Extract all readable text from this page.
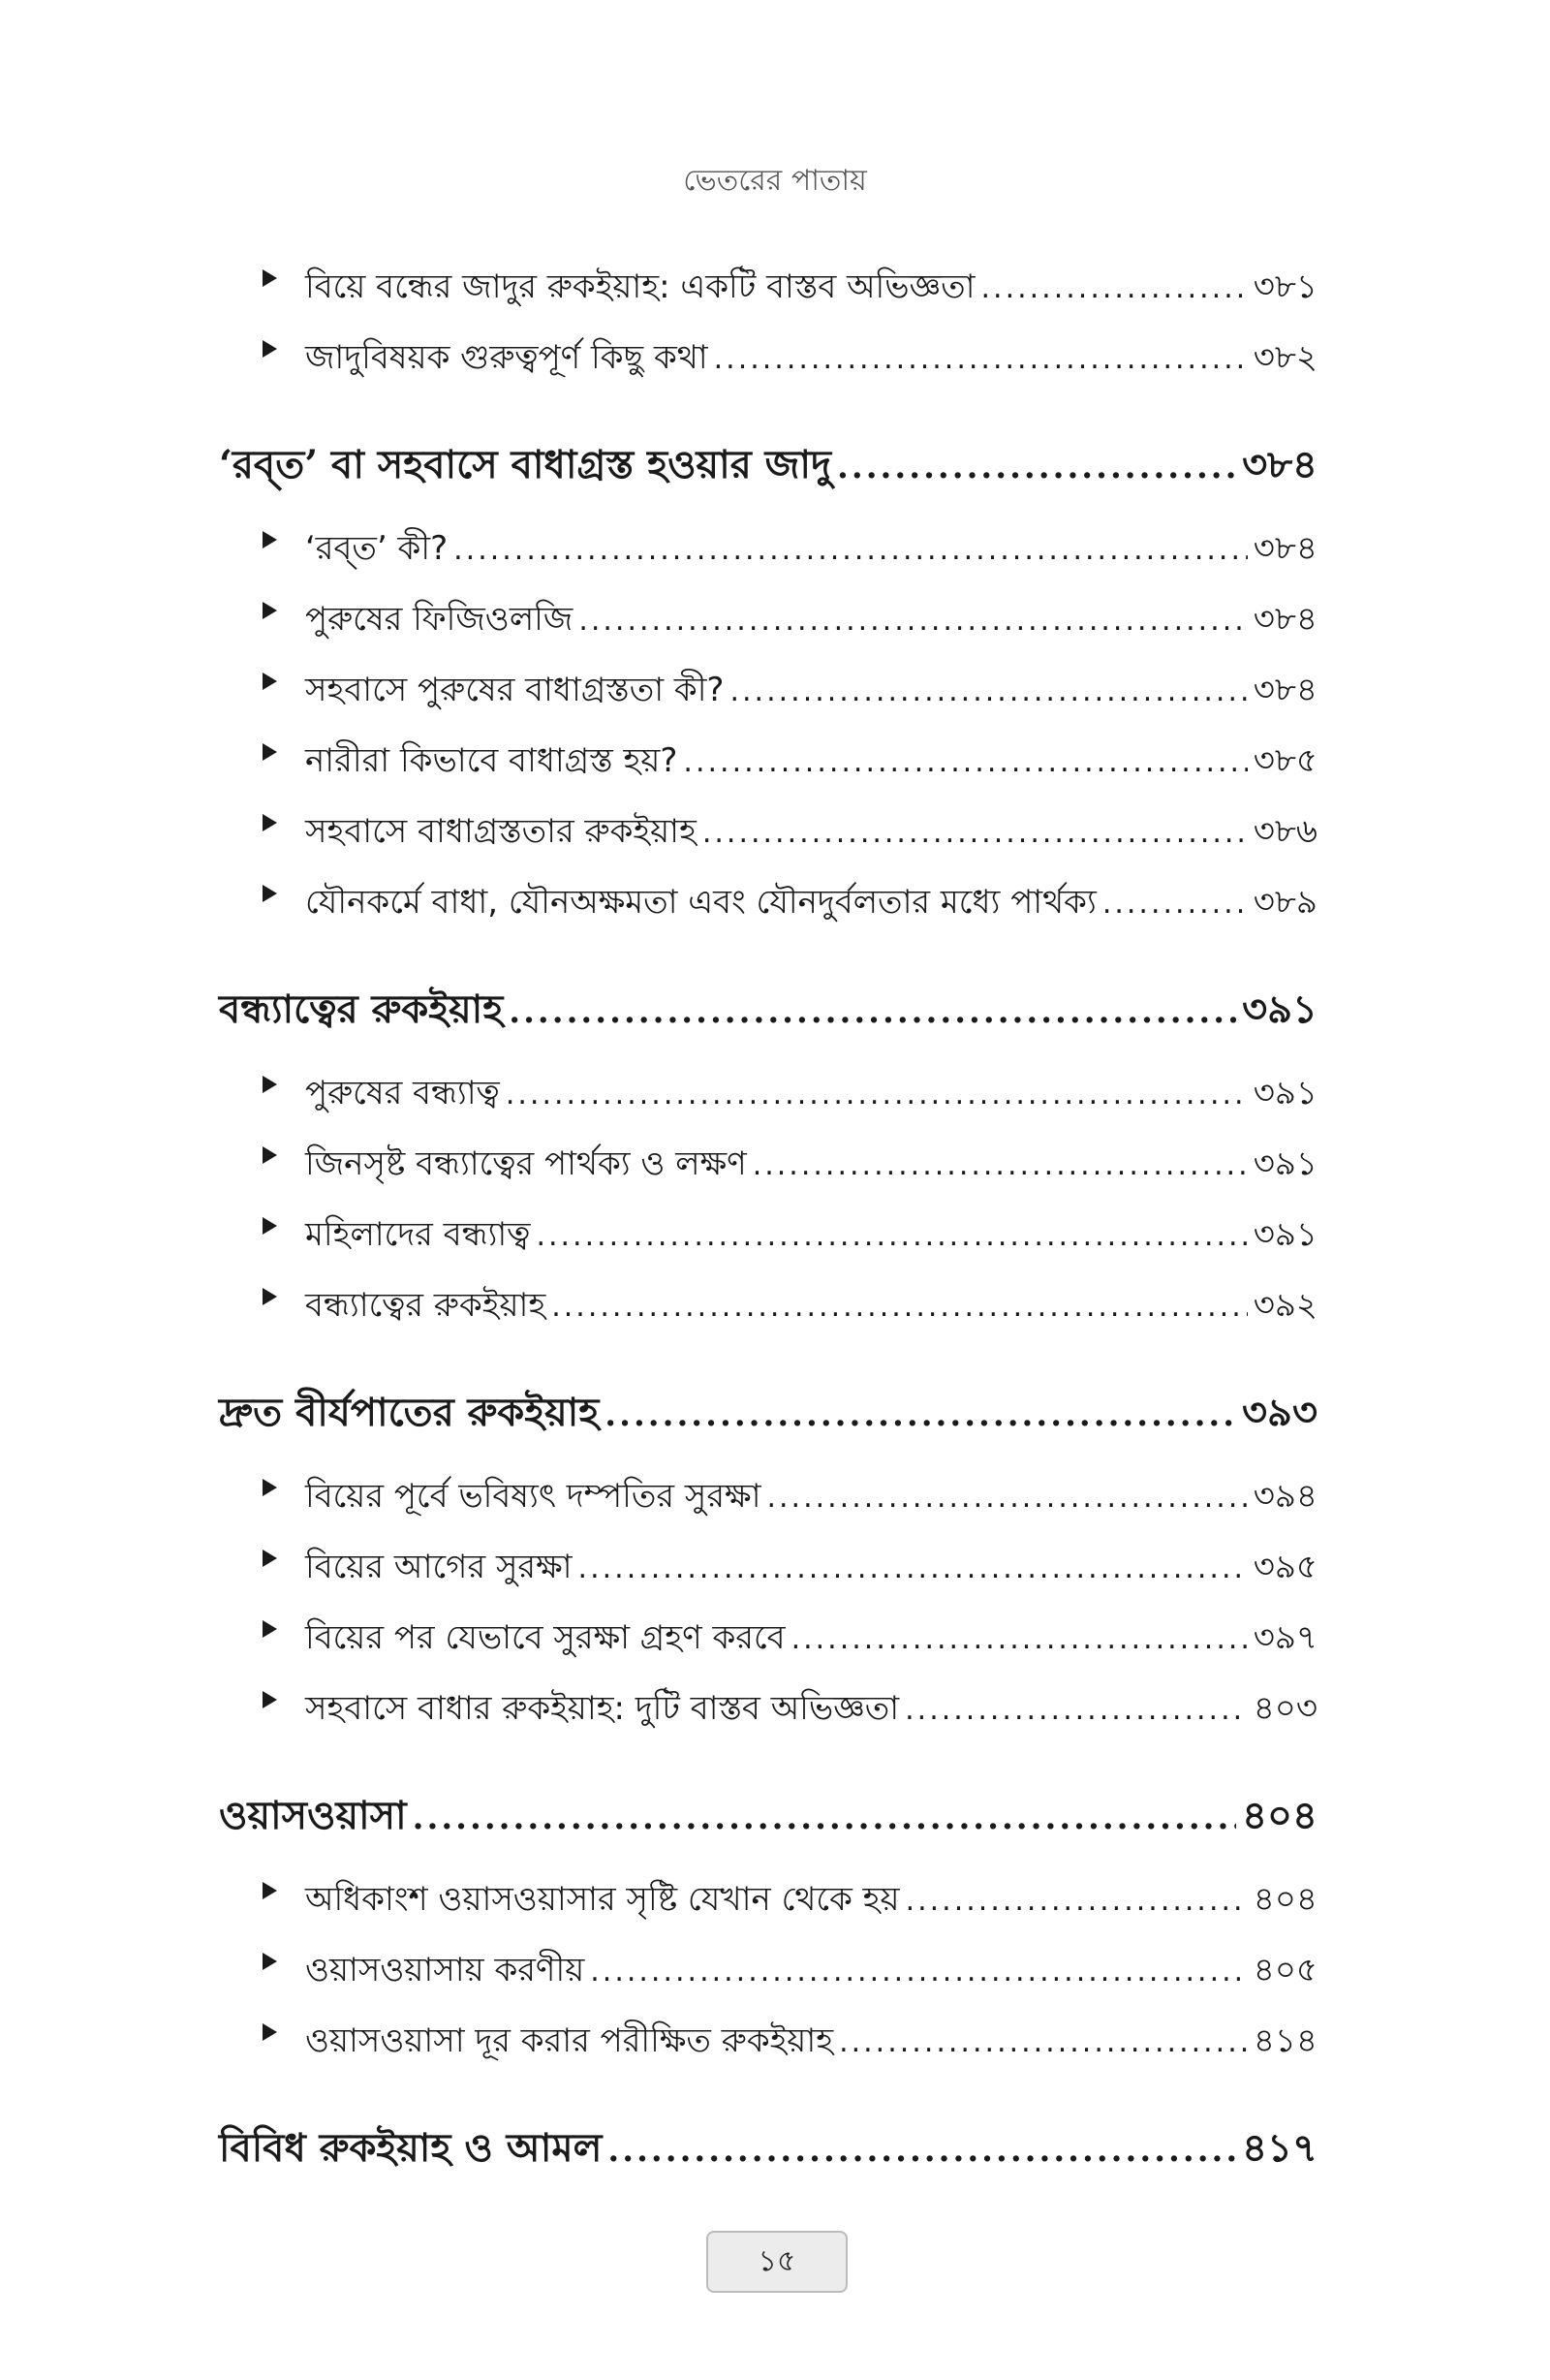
ভেতরের পাতায়
বিয়ে বন্ধের জাদুর রুকইয়াহ: একটি বাস্তব অভিজ্ঞতা .....	৩৮১
জাদুবিষয়ক গুরুত্বপূর্ণ কিছু কথা .....	৩৮২
‘রব্‌ত’ বা সহবাসে বাধাগ্রস্ত হওয়ার জাদু .....	৩৮৪
‘রব্‌ত’ কী? .....	৩৮৪
পুরুষের ফিজিওলজি .....	৩৮৪
সহবাসে পুরুষের বাধাগ্রস্ততা কী? .....	৩৮৪
নারীরা কিভাবে বাধাগ্রস্ত হয়? .....	৩৮৫
সহবাসে বাধাগ্রস্ততার রুকইয়াহ .....	৩৮৬
যৌনকর্মে বাধা, যৌনঅক্ষমতা এবং যৌনদুর্বলতার মধ্যে পার্থক্য .....	৩৮৯
বন্ধ্যাত্বের রুকইয়াহ .....	৩৯১
পুরুষের বন্ধ্যাত্ব .....	৩৯১
জিনসৃষ্ট বন্ধ্যাত্বের পার্থক্য ও লক্ষণ .....	৩৯১
মহিলাদের বন্ধ্যাত্ব .....	৩৯১
বন্ধ্যাত্বের রুকইয়াহ .....	৩৯২
দ্রুত বীর্যপাতের রুকইয়াহ .....	৩৯৩
বিয়ের পূর্বে ভবিষ্যৎ দম্পতির সুরক্ষা .....	৩৯৪
বিয়ের আগের সুরক্ষা .....	৩৯৫
বিয়ের পর যেভাবে সুরক্ষা গ্রহণ করবে .....	৩৯৭
সহবাসে বাধার রুকইয়াহ: দুটি বাস্তব অভিজ্ঞতা .....	৪০৩
ওয়াসওয়াসা .....	৪০৪
অধিকাংশ ওয়াসওয়াসার সৃষ্টি যেখান থেকে হয় .....	৪০৪
ওয়াসওয়াসায় করণীয় .....	৪০৫
ওয়াসওয়াসা দূর করার পরীক্ষিত রুকইয়াহ .....	৪১৪
বিবিধ রুকইয়াহ ও আমল .....	৪১৭
১৫
